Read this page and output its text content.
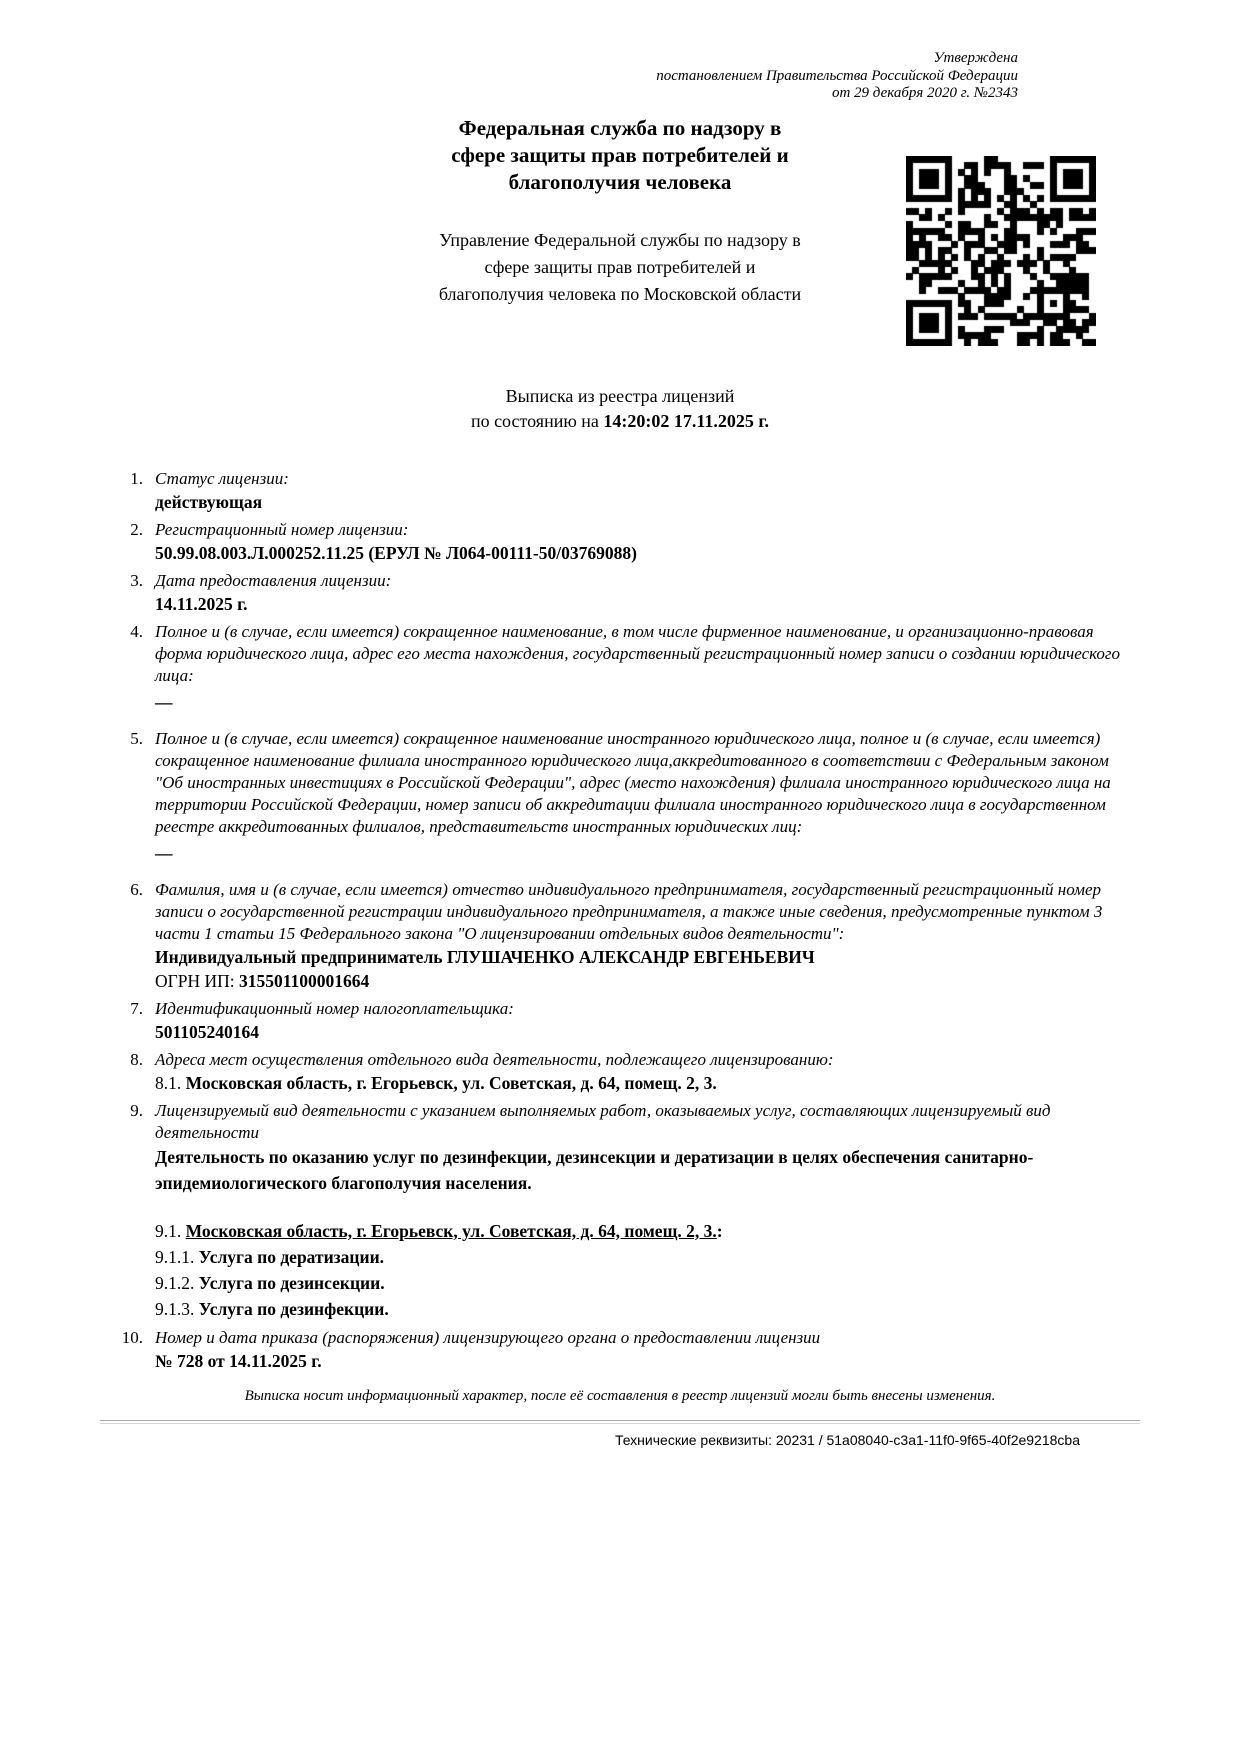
Утверждена
постановлением Правительства Российской Федерации
от 29 декабря 2020 г. №2343
Федеральная служба по надзору в
сфере защиты прав потребителей и
благополучия человека
Управление Федеральной службы по надзору в
сфере защиты прав потребителей и
благополучия человека по Московской области
Выписка из реестра лицензий
по состоянию на 14:20:02 17.11.2025 г.
1. Статус лицензии:
действующая
2. Регистрационный номер лицензии:
50.99.08.003.Л.000252.11.25 (ЕРУЛ № Л064-00111-50/03769088)
3. Дата предоставления лицензии:
14.11.2025 г.
4. Полное и (в случае, если имеется) сокращенное наименование, в том числе фирменное наименование, и организационно-правовая форма юридического лица, адрес его места нахождения, государственный регистрационный номер записи о создании юридического лица:
—
5. Полное и (в случае, если имеется) сокращенное наименование иностранного юридического лица, полное и (в случае, если имеется) сокращенное наименование филиала иностранного юридического лица,аккредитованного в соответствии с Федеральным законом "Об иностранных инвестициях в Российской Федерации", адрес (место нахождения) филиала иностранного юридического лица на территории Российской Федерации, номер записи об аккредитации филиала иностранного юридического лица в государственном реестре аккредитованных филиалов, представительств иностранных юридических лиц:
—
6. Фамилия, имя и (в случае, если имеется) отчество индивидуального предпринимателя, государственный регистрационный номер записи о государственной регистрации индивидуального предпринимателя, а также иные сведения, предусмотренные пунктом 3 части 1 статьи 15 Федерального закона "О лицензировании отдельных видов деятельности":
Индивидуальный предприниматель ГЛУШАЧЕНКО АЛЕКСАНДР ЕВГЕНЬЕВИЧ
ОГРН ИП: 315501100001664
7. Идентификационный номер налогоплательщика:
501105240164
8. Адреса мест осуществления отдельного вида деятельности, подлежащего лицензированию:
8.1. Московская область, г. Егорьевск, ул. Советская, д. 64, помещ. 2, 3.
9. Лицензируемый вид деятельности с указанием выполняемых работ, оказываемых услуг, составляющих лицензируемый вид деятельности
Деятельность по оказанию услуг по дезинфекции, дезинсекции и дератизации в целях обеспечения санитарно-эпидемиологического благополучия населения.
9.1. Московская область, г. Егорьевск, ул. Советская, д. 64, помещ. 2, 3.:
9.1.1. Услуга по дератизации.
9.1.2. Услуга по дезинсекции.
9.1.3. Услуга по дезинфекции.
10. Номер и дата приказа (распоряжения) лицензирующего органа о предоставлении лицензии
№ 728 от 14.11.2025 г.
Выписка носит информационный характер, после её составления в реестр лицензий могли быть внесены изменения.
Технические реквизиты: 20231 / 51a08040-c3a1-11f0-9f65-40f2e9218cba
